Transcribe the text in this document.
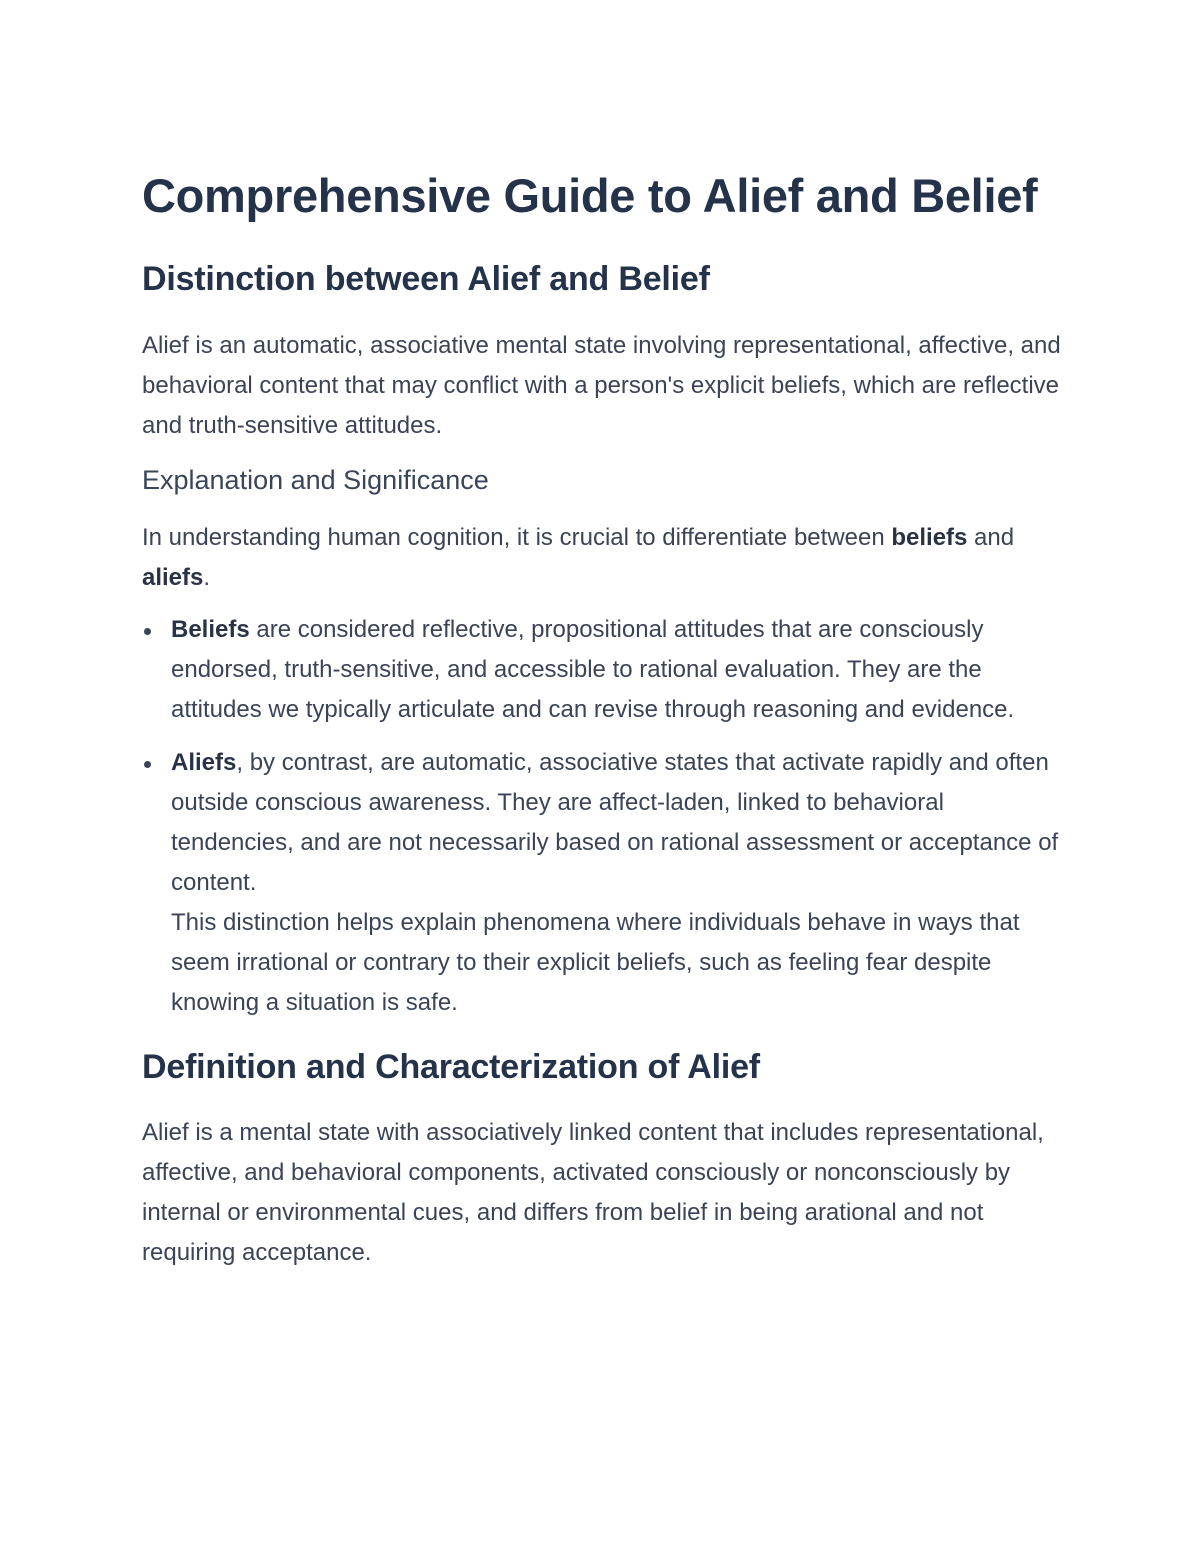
Comprehensive Guide to Alief and Belief
Distinction between Alief and Belief

Alief is an automatic, associative mental state involving representational, affective, and behavioral content that may conflict with a person's explicit beliefs, which are reflective and truth-sensitive attitudes.

Explanation and Significance

In understanding human cognition, it is crucial to differentiate between beliefs and aliefs.

Beliefs are considered reflective, propositional attitudes that are consciously endorsed, truth-sensitive, and accessible to rational evaluation. They are the attitudes we typically articulate and can revise through reasoning and evidence.
Aliefs, by contrast, are automatic, associative states that activate rapidly and often outside conscious awareness. They are affect-laden, linked to behavioral tendencies, and are not necessarily based on rational assessment or acceptance of content.
This distinction helps explain phenomena where individuals behave in ways that seem irrational or contrary to their explicit beliefs, such as feeling fear despite knowing a situation is safe.
Definition and Characterization of Alief

Alief is a mental state with associatively linked content that includes representational, affective, and behavioral components, activated consciously or nonconsciously by internal or environmental cues, and differs from belief in being arational and not requiring acceptance.
